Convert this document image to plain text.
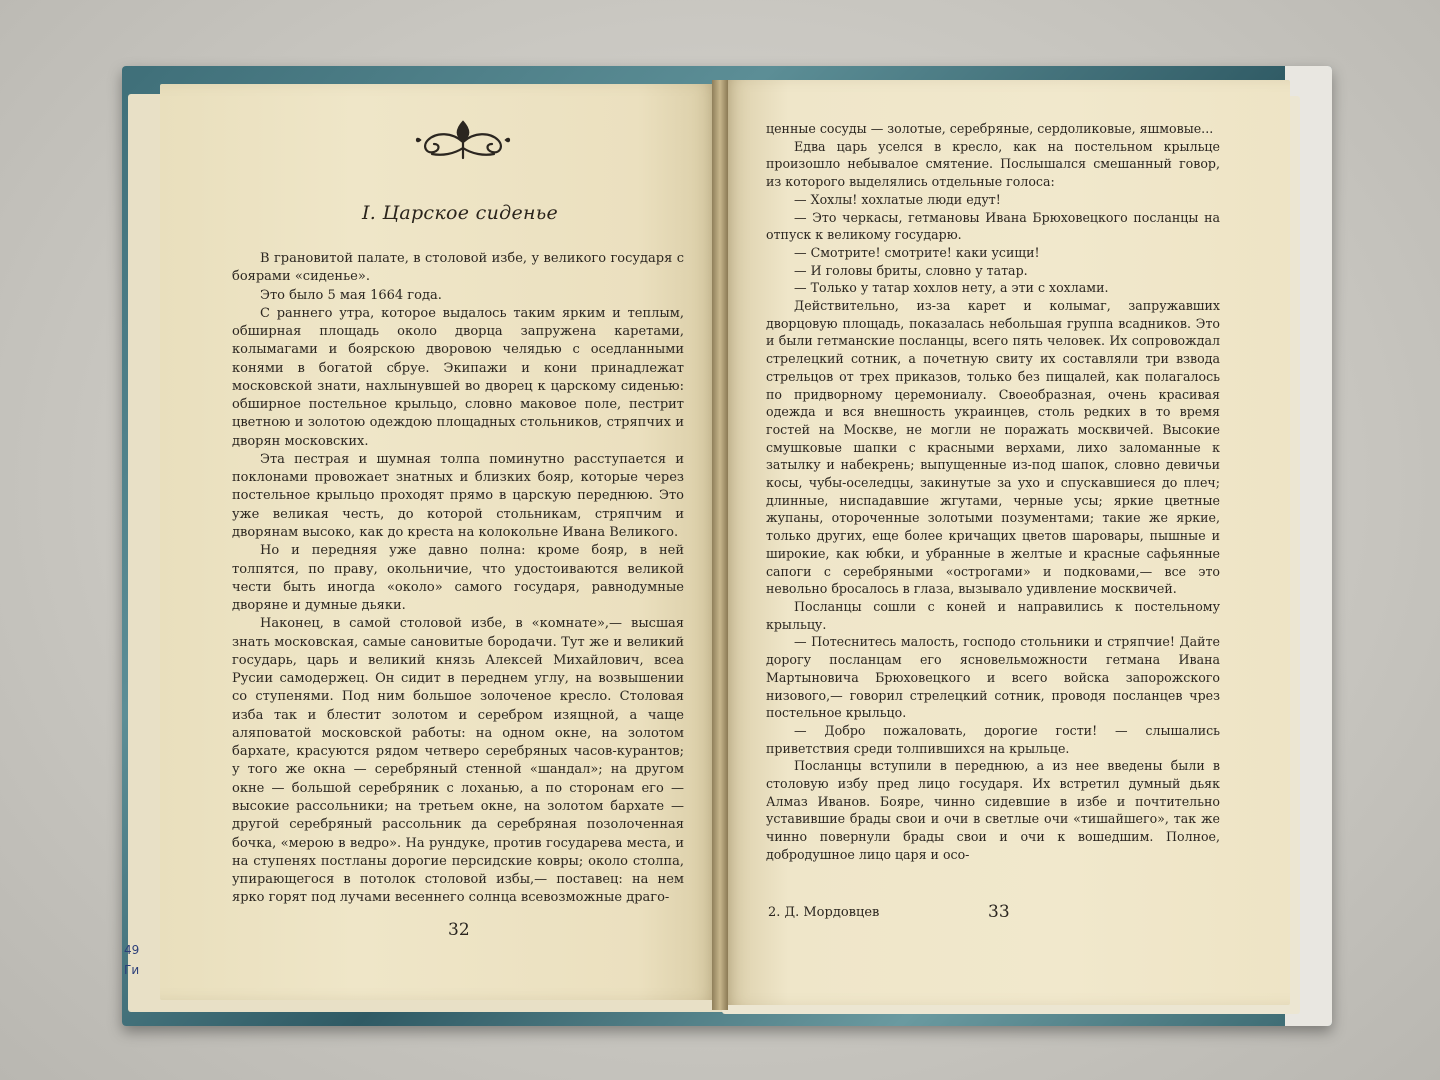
I. Царское сиденье

В грановитой палате, в столовой избе, у великого государя с боярами «сиденье».

Это было 5 мая 1664 года.

С раннего утра, которое выдалось таким ярким и теплым, обширная площадь около дворца запружена каретами, колымагами и боярскою дворовою челядью с оседланными конями в богатой сбруе. Экипажи и кони принадлежат московской знати, нахлынувшей во дворец к царскому сиденью: обширное постельное крыльцо, словно маковое поле, пестрит цветною и золотою одеждою площадных стольников, стряпчих и дворян московских.

Эта пестрая и шумная толпа поминутно расступается и поклонами провожает знатных и близких бояр, которые через постельное крыльцо проходят прямо в царскую переднюю. Это уже великая честь, до которой стольникам, стряпчим и дворянам высоко, как до креста на колокольне Ивана Великого.

Но и передняя уже давно полна: кроме бояр, в ней толпятся, по праву, окольничие, что удостоиваются великой чести быть иногда «около» самого государя, равнодумные дворяне и думные дьяки.

Наконец, в самой столовой избе, в «комнате»,— высшая знать московская, самые сановитые бородачи. Тут же и великий государь, царь и великий князь Алексей Михайлович, всеа Русии самодержец. Он сидит в переднем углу, на возвышении со ступенями. Под ним большое золоченое кресло. Столовая изба так и блестит золотом и серебром изящной, а чаще аляповатой московской работы: на одном окне, на золотом бархате, красуются рядом четверо серебряных часов-курантов; у того же окна — серебряный стенной «шандал»; на другом окне — большой серебряник с лоханью, а по сторонам его — высокие рассольники; на третьем окне, на золотом бархате — другой серебряный рассольник да серебряная позолоченная бочка, «мерою в ведро». На рундуке, против государева места, и на ступенях постланы дорогие персидские ковры; около столпа, упирающегося в потолок столовой избы,— поставец: на нем ярко горят под лучами весеннего солнца всевозможные драго-

32

ценные сосуды — золотые, серебряные, сердоликовые, яшмовые...

Едва царь уселся в кресло, как на постельном крыльце произошло небывалое смятение. Послышался смешанный говор, из которого выделялись отдельные голоса:

— Хохлы! хохлатые люди едут!

— Это черкасы, гетмановы Ивана Брюховецкого посланцы на отпуск к великому государю.

— Смотрите! смотрите! каки усищи!

— И головы бриты, словно у татар.

— Только у татар хохлов нету, а эти с хохлами.

Действительно, из-за карет и колымаг, запружавших дворцовую площадь, показалась небольшая группа всадников. Это и были гетманские посланцы, всего пять человек. Их сопровождал стрелецкий сотник, а почетную свиту их составляли три взвода стрельцов от трех приказов, только без пищалей, как полагалось по придворному церемониалу. Своеобразная, очень красивая одежда и вся внешность украинцев, столь редких в то время гостей на Москве, не могли не поражать москвичей. Высокие смушковые шапки с красными верхами, лихо заломанные к затылку и набекрень; выпущенные из-под шапок, словно девичьи косы, чубы-оселедцы, закинутые за ухо и спускавшиеся до плеч; длинные, ниспадавшие жгутами, черные усы; яркие цветные жупаны, отороченные золотыми позументами; такие же яркие, только других, еще более кричащих цветов шаровары, пышные и широкие, как юбки, и убранные в желтые и красные сафьянные сапоги с серебряными «острогами» и подковами,— все это невольно бросалось в глаза, вызывало удивление москвичей.

Посланцы сошли с коней и направились к постельному крыльцу.

— Потеснитесь малость, господо стольники и стряпчие! Дайте дорогу посланцам его ясновельможности гетмана Ивана Мартыновича Брюховецкого и всего войска запорожского низового,— говорил стрелецкий сотник, проводя посланцев чрез постельное крыльцо.

— Добро пожаловать, дорогие гости! — слышались приветствия среди толпившихся на крыльце.

Посланцы вступили в переднюю, а из нее введены были в столовую избу пред лицо государя. Их встретил думный дьяк Алмаз Иванов. Бояре, чинно сидевшие в избе и почтительно уставившие брады свои и очи в светлые очи «тишайшего», так же чинно повернули брады свои и очи к вошедшим. Полное, добродушное лицо царя и осо-

2. Д. Мордовцев	33
49 Ги
